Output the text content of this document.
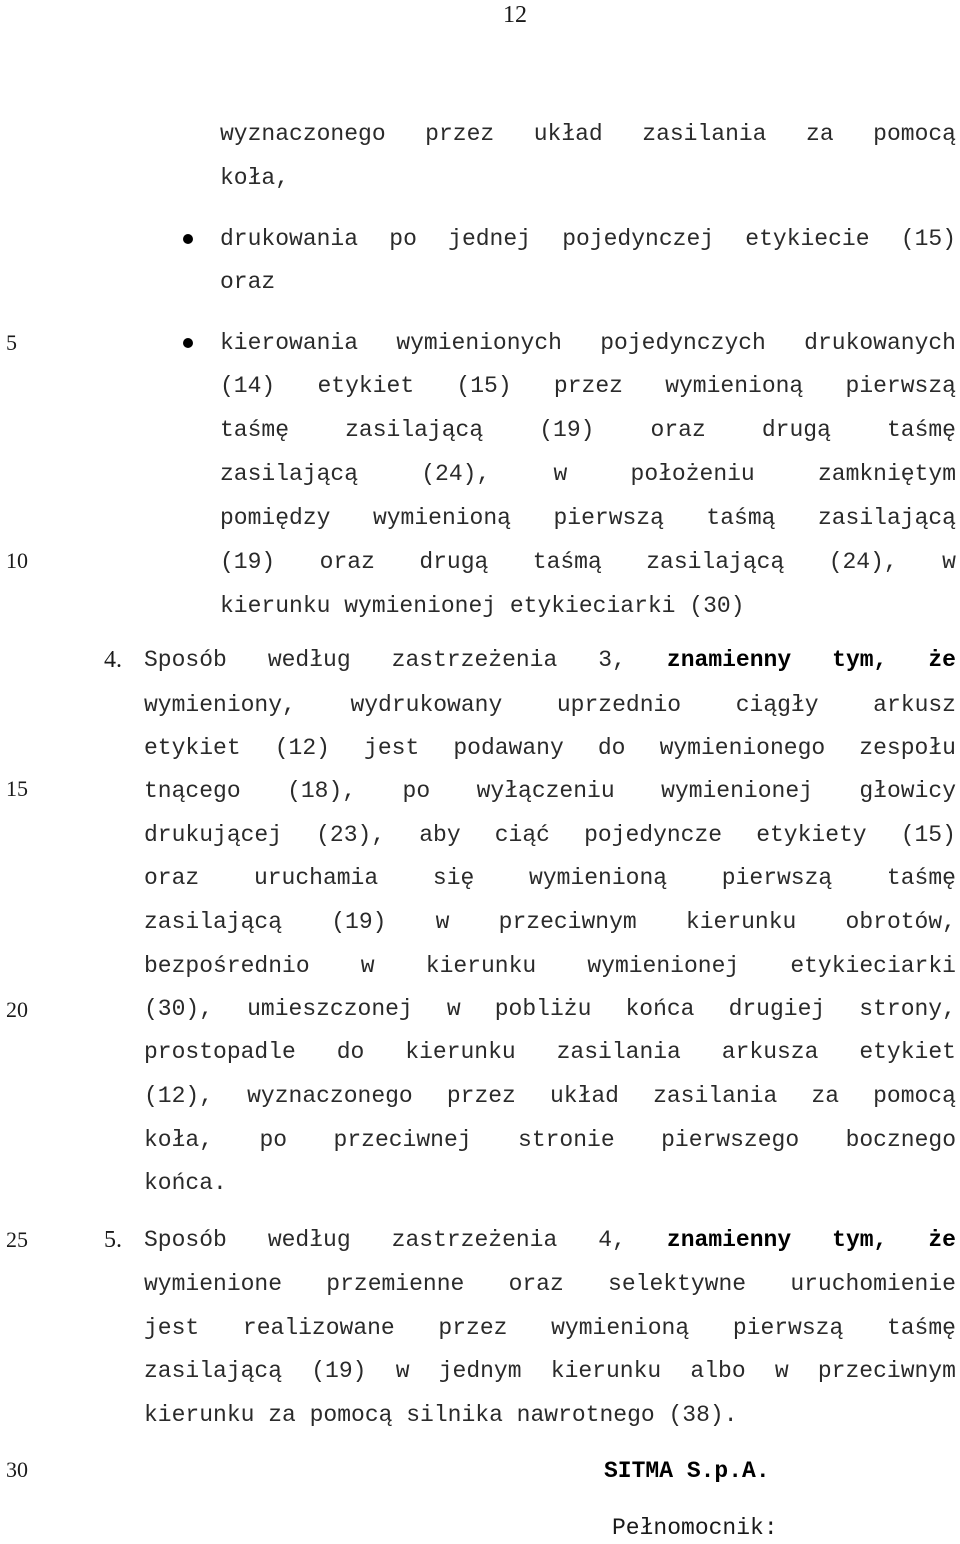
12
5
10
15
20
25
30
wyznaczonego przez układ zasilania za pomocą
koła,
drukowania po jednej pojedynczej etykiecie (15)
oraz
kierowania wymienionych pojedynczych drukowanych
(14) etykiet (15) przez wymienioną pierwszą
taśmę zasilającą (19) oraz drugą taśmę
zasilającą	(24),	w	położeniu	zamkniętym
pomiędzy wymienioną pierwszą taśmą zasilającą
(19) oraz drugą taśmą zasilającą (24), w
kierunku wymienionej etykieciarki (30)
4. Sposób według zastrzeżenia 3, znamienny tym, że
wymieniony, wydrukowany uprzednio ciągły arkusz
etykiet (12) jest podawany do wymienionego zespołu
tnącego (18), po wyłączeniu wymienionej głowicy
drukującej (23), aby ciąć pojedyncze etykiety (15)
oraz uruchamia się wymienioną pierwszą taśmę
zasilającą (19) w przeciwnym kierunku obrotów,
bezpośrednio w kierunku wymienionej etykieciarki
(30), umieszczonej w pobliżu końca drugiej strony,
prostopadle do kierunku zasilania arkusza etykiet
(12), wyznaczonego przez układ zasilania za pomocą
koła, po przeciwnej stronie pierwszego bocznego
końca.
5. Sposób według zastrzeżenia 4, znamienny tym, że
wymienione przemienne oraz selektywne uruchomienie
jest realizowane przez wymienioną pierwszą taśmę
zasilającą (19) w jednym kierunku albo w przeciwnym
kierunku za pomocą silnika nawrotnego (38).
SITMA S.p.A.
Pełnomocnik:
